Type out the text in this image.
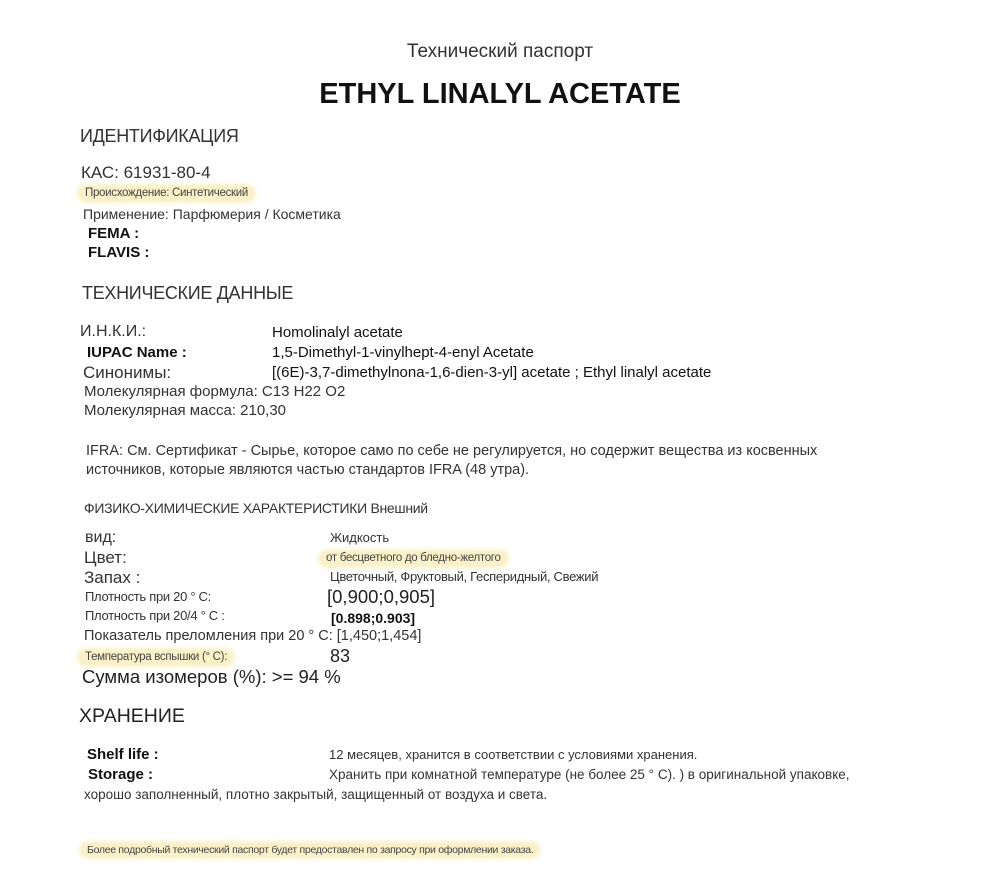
Технический паспорт
ETHYL LINALYL ACETATE
ИДЕНТИФИКАЦИЯ
КАС: 61931-80-4
Происхождение: Синтетический
Применение: Парфюмерия / Косметика
FEMA :
FLAVIS :
ТЕХНИЧЕСКИЕ ДАННЫЕ
И.Н.К.И.:	Homolinalyl acetate
IUPAC Name :	1,5-Dimethyl-1-vinylhept-4-enyl Acetate
Синонимы:	[(6E)-3,7-dimethylnona-1,6-dien-3-yl] acetate ; Ethyl linalyl acetate
Молекулярная формула: C13 H22 O2
Молекулярная масса: 210,30
IFRA: См. Сертификат - Сырье, которое само по себе не регулируется, но содержит вещества из косвенных
источников, которые являются частью стандартов IFRA (48 утра).
ФИЗИКО-ХИМИЧЕСКИЕ ХАРАКТЕРИСТИКИ Внешний
вид:	Жидкость
Цвет:	от бесцветного до бледно-желтого
Запах :	Цветочный, Фруктовый, Гесперидный, Свежий
Плотность при 20 ° C:	[0,900;0,905]
Плотность при 20/4 ° C :	[0.898;0.903]
Показатель преломления при 20 ° C: [1,450;1,454]
Температура вспышки (° C):	83
Сумма изомеров (%): >= 94 %
ХРАНЕНИЕ
Shelf life :	12 месяцев, хранится в соответствии с условиями хранения.
Storage :	Хранить при комнатной температуре (не более 25 ° C). ) в оригинальной упаковке,
хорошо заполненный, плотно закрытый, защищенный от воздуха и света.
Более подробный технический паспорт будет предоставлен по запросу при оформлении заказа.
